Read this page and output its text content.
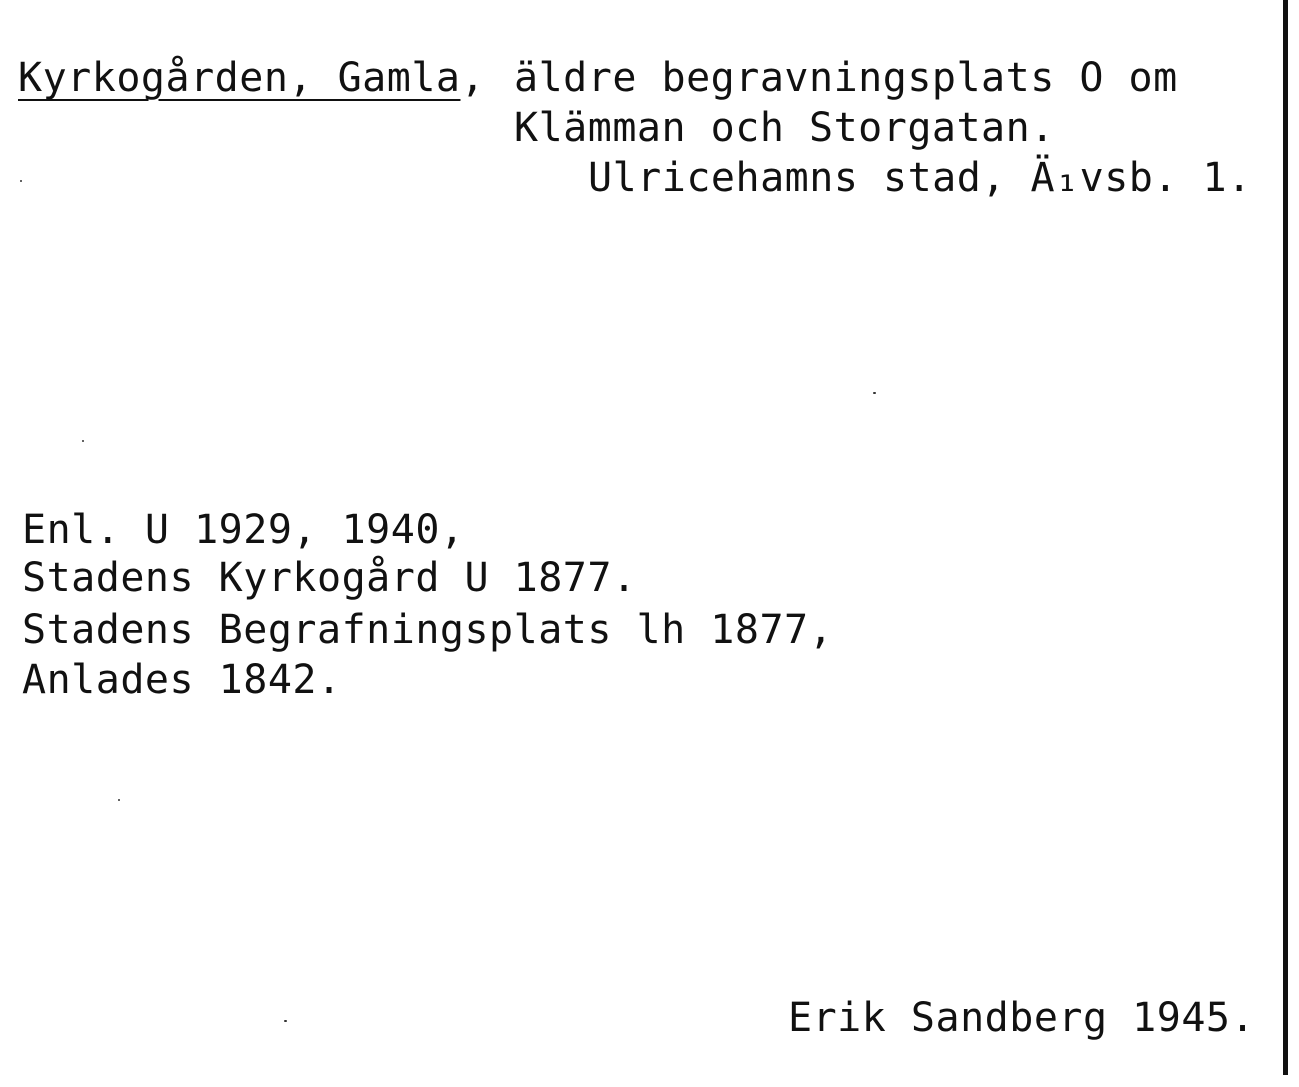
Kyrkogården, Gamla, äldre begravningsplats O om
Klämman och Storgatan.
Ulricehamns stad, Ä₁vsb. 1.
Enl. U 1929, 1940,
Stadens Kyrkogård U 1877.
Stadens Begrafningsplats lh 1877,
Anlades 1842.
Erik Sandberg 1945.
